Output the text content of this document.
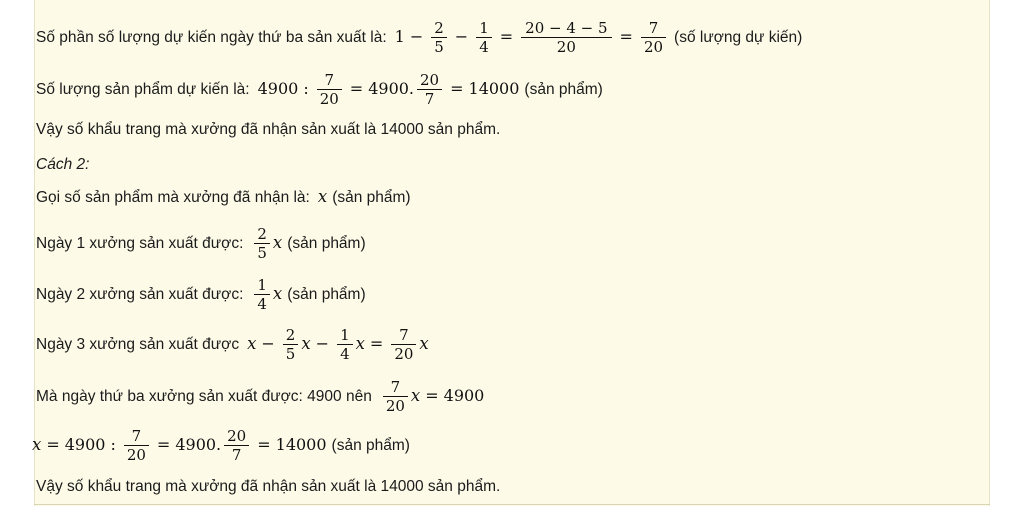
Số phần số lượng dự kiến ngày thứ ba sản xuất là: $1 - \frac{2}{5} - \frac{1}{4} = \frac{20 - 4 - 5}{20} = \frac{7}{20}$ (số lượng dự kiến)
Số lượng sản phẩm dự kiến là: 4900 : $\frac{7}{20} = 4900$ . $\frac{20}{7} = 14000$ (sản phẩm)
Vậy số khẩu trang mà xưởng đã nhận sản xuất là 14000 sản phẩm.
Cách 2:
Gọi số sản phẩm mà xưởng đã nhận là: x (sản phẩm)
Ngày 1 xưởng sản xuất được: $\frac{2}{5}$ x (sản phẩm)
Ngày 2 xưởng sản xuất được: $\frac{1}{4}$ x (sản phẩm)
Ngày 3 xưởng sản xuất được $x - \frac{2}{5}$ $x - \frac{1}{4}$ $x = \frac{7}{20}$ x
Mà ngày thứ ba xưởng sản xuất được: 4900 nên $\frac{7}{20}$ x = 4900
x = 4900 : $\frac{7}{20} = 4900$ . $\frac{20}{7} = 14000$ (sản phẩm)
Vậy số khẩu trang mà xưởng đã nhận sản xuất là 14000 sản phẩm.
